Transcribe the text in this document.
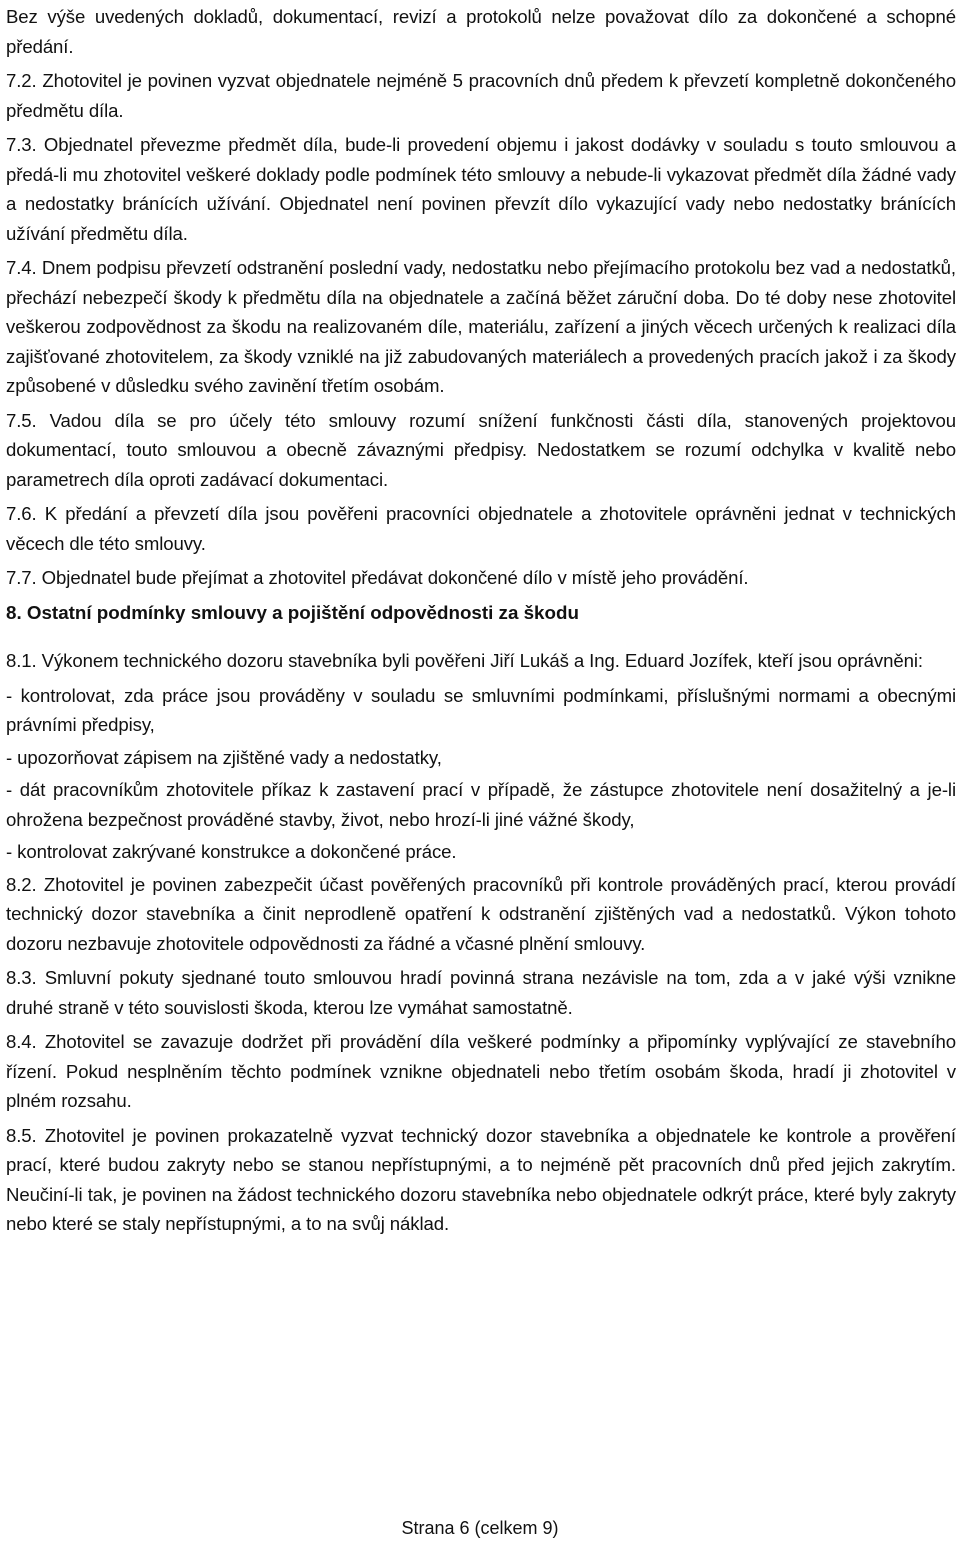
Bez výše uvedených dokladů, dokumentací, revizí a protokolů nelze považovat dílo za dokončené a schopné předání.

7.2. Zhotovitel je povinen vyzvat objednatele nejméně 5 pracovních dnů předem k převzetí kompletně dokončeného předmětu díla.

7.3. Objednatel převezme předmět díla, bude-li provedení objemu i jakost dodávky v souladu s touto smlouvou a předá-li mu zhotovitel veškeré doklady podle podmínek této smlouvy a nebude-li vykazovat předmět díla žádné vady a nedostatky bránících užívání. Objednatel není povinen převzít dílo vykazující vady nebo nedostatky bránících užívání předmětu díla.

7.4. Dnem podpisu převzetí odstranění poslední vady, nedostatku nebo přejímacího protokolu bez vad a nedostatků, přechází nebezpečí škody k předmětu díla na objednatele a začíná běžet záruční doba. Do té doby nese zhotovitel veškerou zodpovědnost za škodu na realizovaném díle, materiálu, zařízení a jiných věcech určených k realizaci díla zajišťované zhotovitelem, za škody vzniklé na již zabudovaných materiálech a provedených pracích jakož i za škody způsobené v důsledku svého zavinění třetím osobám.

7.5. Vadou díla se pro účely této smlouvy rozumí snížení funkčnosti části díla, stanovených projektovou dokumentací, touto smlouvou a obecně závaznými předpisy. Nedostatkem se rozumí odchylka v kvalitě nebo parametrech díla oproti zadávací dokumentaci.

7.6. K předání a převzetí díla jsou pověřeni pracovníci objednatele a zhotovitele oprávněni jednat v technických věcech dle této smlouvy.

7.7. Objednatel bude přejímat a zhotovitel předávat dokončené dílo v místě jeho provádění.

8. Ostatní podmínky smlouvy a pojištění odpovědnosti za škodu

8.1. Výkonem technického dozoru stavebníka byli pověřeni Jiří Lukáš a Ing. Eduard Jozífek, kteří jsou oprávněni:

- kontrolovat, zda práce jsou prováděny v souladu se smluvními podmínkami, příslušnými normami a obecnými právními předpisy,

- upozorňovat zápisem na zjištěné vady a nedostatky,

- dát pracovníkům zhotovitele příkaz k zastavení prací v případě, že zástupce zhotovitele není dosažitelný a je-li ohrožena bezpečnost prováděné stavby, život, nebo hrozí-li jiné vážné škody,

- kontrolovat zakrývané konstrukce a dokončené práce.

8.2. Zhotovitel je povinen zabezpečit účast pověřených pracovníků při kontrole prováděných prací, kterou provádí technický dozor stavebníka a činit neprodleně opatření k odstranění zjištěných vad a nedostatků. Výkon tohoto dozoru nezbavuje zhotovitele odpovědnosti za řádné a včasné plnění smlouvy.

8.3. Smluvní pokuty sjednané touto smlouvou hradí povinná strana nezávisle na tom, zda a v jaké výši vznikne druhé straně v této souvislosti škoda, kterou lze vymáhat samostatně.

8.4. Zhotovitel se zavazuje dodržet při provádění díla veškeré podmínky a připomínky vyplývající ze stavebního řízení. Pokud nesplněním těchto podmínek vznikne objednateli nebo třetím osobám škoda, hradí ji zhotovitel v plném rozsahu.

8.5. Zhotovitel je povinen prokazatelně vyzvat technický dozor stavebníka a objednatele ke kontrole a prověření prací, které budou zakryty nebo se stanou nepřístupnými, a to nejméně pět pracovních dnů před jejich zakrytím. Neučiní-li tak, je povinen na žádost technického dozoru stavebníka nebo objednatele odkrýt práce, které byly zakryty nebo které se staly nepřístupnými, a to na svůj náklad.

Strana 6 (celkem 9)
